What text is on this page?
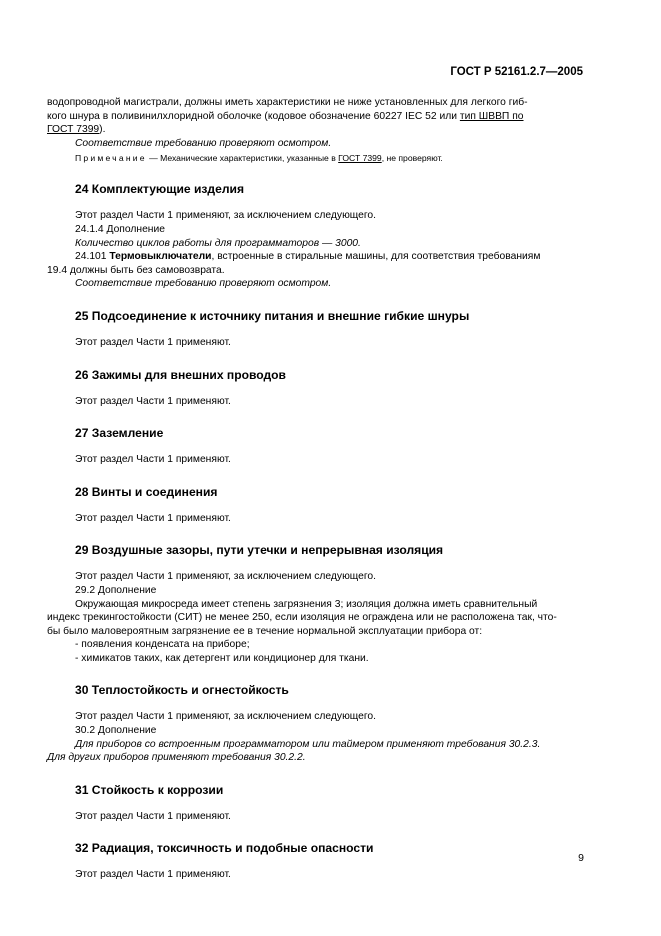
ГОСТ Р 52161.2.7—2005

водопроводной магистрали, должны иметь характеристики не ниже установленных для легкого гиб-
кого шнура в поливинилхлоридной оболочке (кодовое обозначение 60227 IEC 52 или тип ШВВП по
ГОСТ 7399).

Соответствие требованию проверяют осмотром.

Примечание — Механические характеристики, указанные в ГОСТ 7399, не проверяют.

24 Комплектующие изделия

Этот раздел Части 1 применяют, за исключением следующего.

24.1.4 Дополнение

Количество циклов работы для программаторов — 3000.

24.101 Термовыключатели, встроенные в стиральные машины, для соответствия требованиям
19.4 должны быть без самовозврата.

Соответствие требованию проверяют осмотром.

25 Подсоединение к источнику питания и внешние гибкие шнуры

Этот раздел Части 1 применяют.

26 Зажимы для внешних проводов

Этот раздел Части 1 применяют.

27 Заземление

Этот раздел Части 1 применяют.

28 Винты и соединения

Этот раздел Части 1 применяют.

29 Воздушные зазоры, пути утечки и непрерывная изоляция

Этот раздел Части 1 применяют, за исключением следующего.

29.2 Дополнение

Окружающая микросреда имеет степень загрязнения 3; изоляция должна иметь сравнительный
индекс трекингостойкости (СИТ) не менее 250, если изоляция не ограждена или не расположена так, что-
бы было маловероятным загрязнение ее в течение нормальной эксплуатации прибора от:

- появления конденсата на приборе;

- химикатов таких, как детергент или кондиционер для ткани.

30 Теплостойкость и огнестойкость

Этот раздел Части 1 применяют, за исключением следующего.

30.2 Дополнение

Для приборов со встроенным программатором или таймером применяют требования 30.2.3.
Для других приборов применяют требования 30.2.2.

31 Стойкость к коррозии

Этот раздел Части 1 применяют.

32 Радиация, токсичность и подобные опасности

Этот раздел Части 1 применяют.

9
